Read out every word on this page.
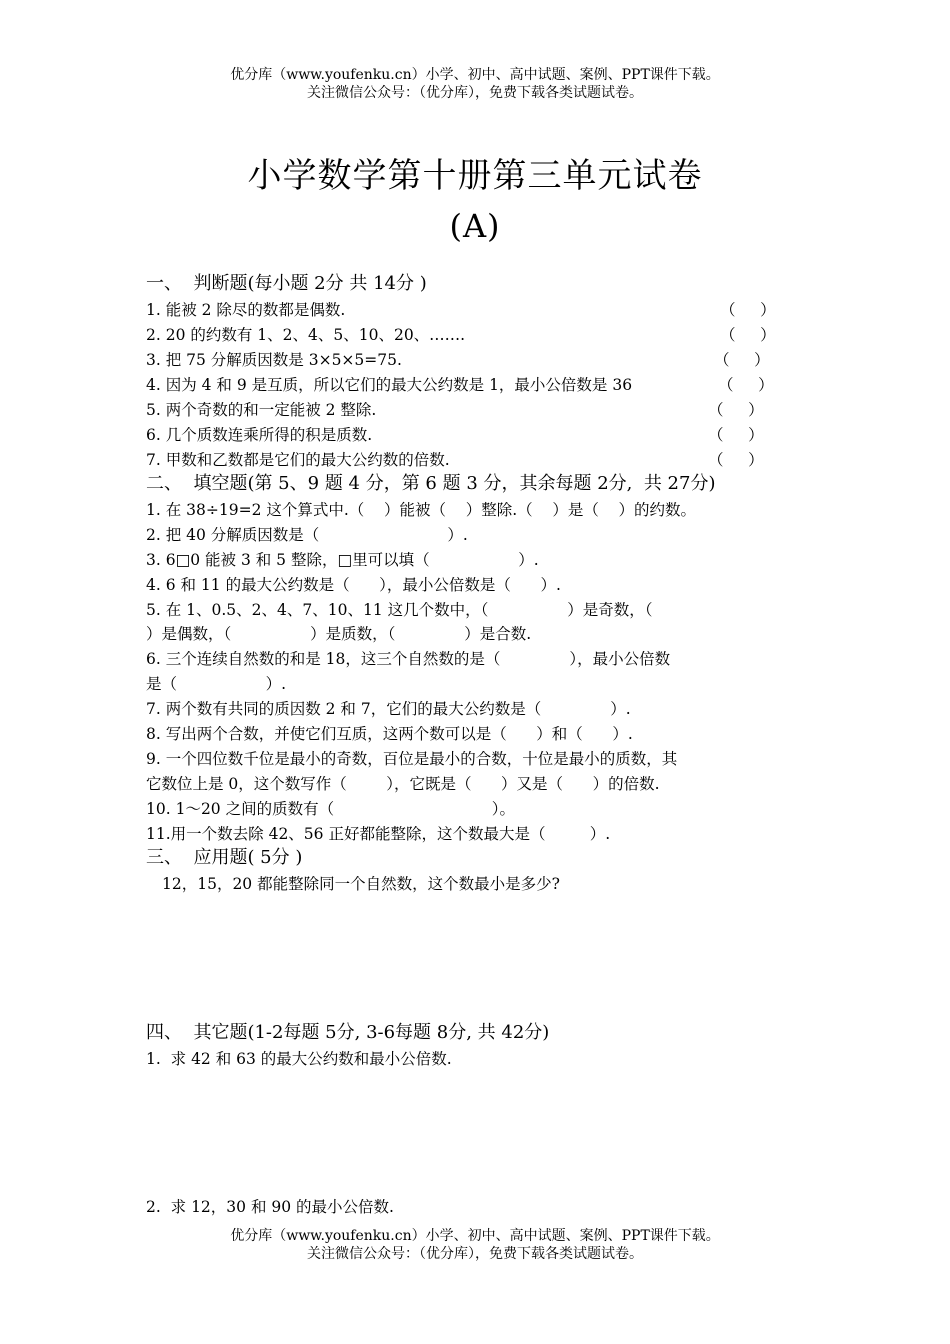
优分库（www.youfenku.cn）小学、初中、高中试题、案例、PPT课件下载。
关注微信公众号：（优分库），免费下载各类试题试卷。
小学数学第十册第三单元试卷
(A)
一、  判断题(每小题 2分 共 14分 )
1. 能被 2 除尽的数都是偶数.	（     ）
2. 20 的约数有 1、2、4、5、10、20、…….	（     ）
3. 把 75 分解质因数是 3×5×5=75.	（     ）
4. 因为 4 和 9 是互质，所以它们的最大公约数是 1，最小公倍数是 36	（     ）
5. 两个奇数的和一定能被 2 整除.	（     ）
6. 几个质数连乘所得的积是质数.	（     ）
7. 甲数和乙数都是它们的最大公约数的倍数.	（     ）
二、  填空题(第 5、9 题 4 分，第 6 题 3 分，其余每题 2分,  共 27分)
1. 在 38÷19=2 这个算式中.（    ）能被（    ）整除.（    ）是（    ）的约数。
2. 把 40 分解质因数是（                          ）.
3. 6□0 能被 3 和 5 整除，□里可以填（                  ）.
4. 6 和 11 的最大公约数是（      ），最小公倍数是（      ）.
5. 在 1、0.5、2、4、7、10、11 这几个数中，（                ）是奇数，（
）是偶数，（                ）是质数，（              ）是合数.
6. 三个连续自然数的和是 18，这三个自然数的是（              ），最小公倍数
是（                  ）.
7. 两个数有共同的质因数 2 和 7，它们的最大公约数是（              ）.
8. 写出两个合数，并使它们互质，这两个数可以是（      ）和（      ）.
9. 一个四位数千位是最小的奇数，百位是最小的合数，十位是最小的质数，其
它数位上是 0，这个数写作（        ），它既是（      ）又是（      ）的倍数.
10. 1～20 之间的质数有（                                ）。
11.用一个数去除 42、56 正好都能整除，这个数最大是（         ）.
三、  应用题( 5分 )
12，15，20 都能整除同一个自然数，这个数最小是多少?
四、  其它题(1-2每题 5分, 3-6每题 8分, 共 42分)
1.  求 42 和 63 的最大公约数和最小公倍数.
2.  求 12，30 和 90 的最小公倍数.
优分库（www.youfenku.cn）小学、初中、高中试题、案例、PPT课件下载。
关注微信公众号：（优分库），免费下载各类试题试卷。
